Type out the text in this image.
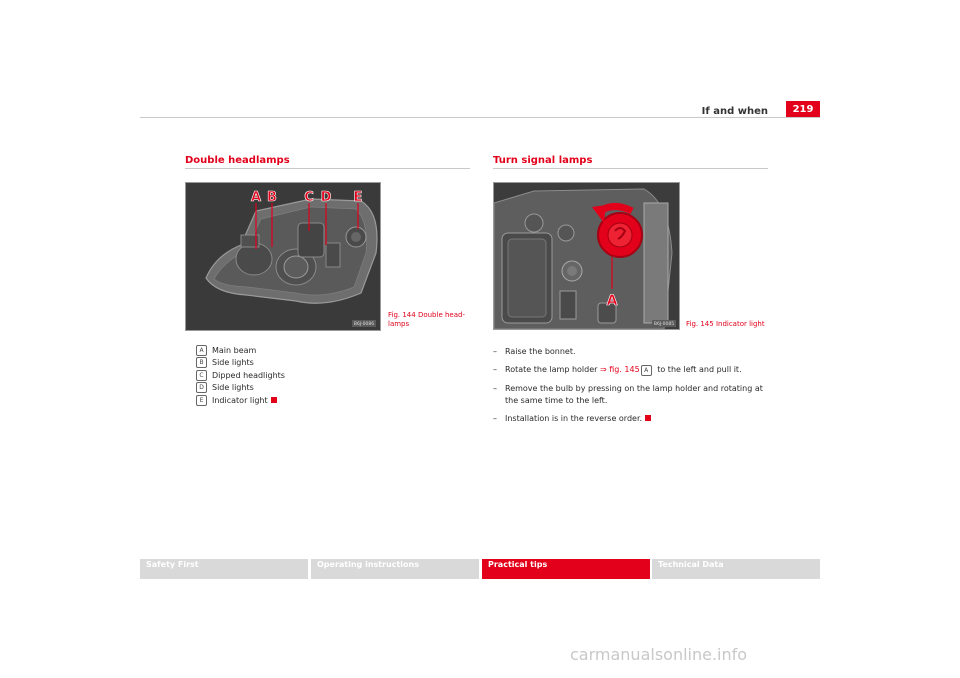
If and when	219
Double headlamps
A B C D E
B6J-0086
Fig. 144 Double head-
lamps
A	Main beam
B	Side lights
C	Dipped headlights
D	Side lights
E	Indicator light
Turn signal lamps
A
B6J-0085 Fig. 145 Indicator light
– Raise the bonnet.
– Rotate the lamp holder ⇒ fig. 145 A to the left and pull it.
– Remove the bulb by pressing on the lamp holder and rotating at the same time to the left.
– Installation is in the reverse order.
Safety First	Operating instructions	Practical tips	Technical Data
carmanualsonline.info
